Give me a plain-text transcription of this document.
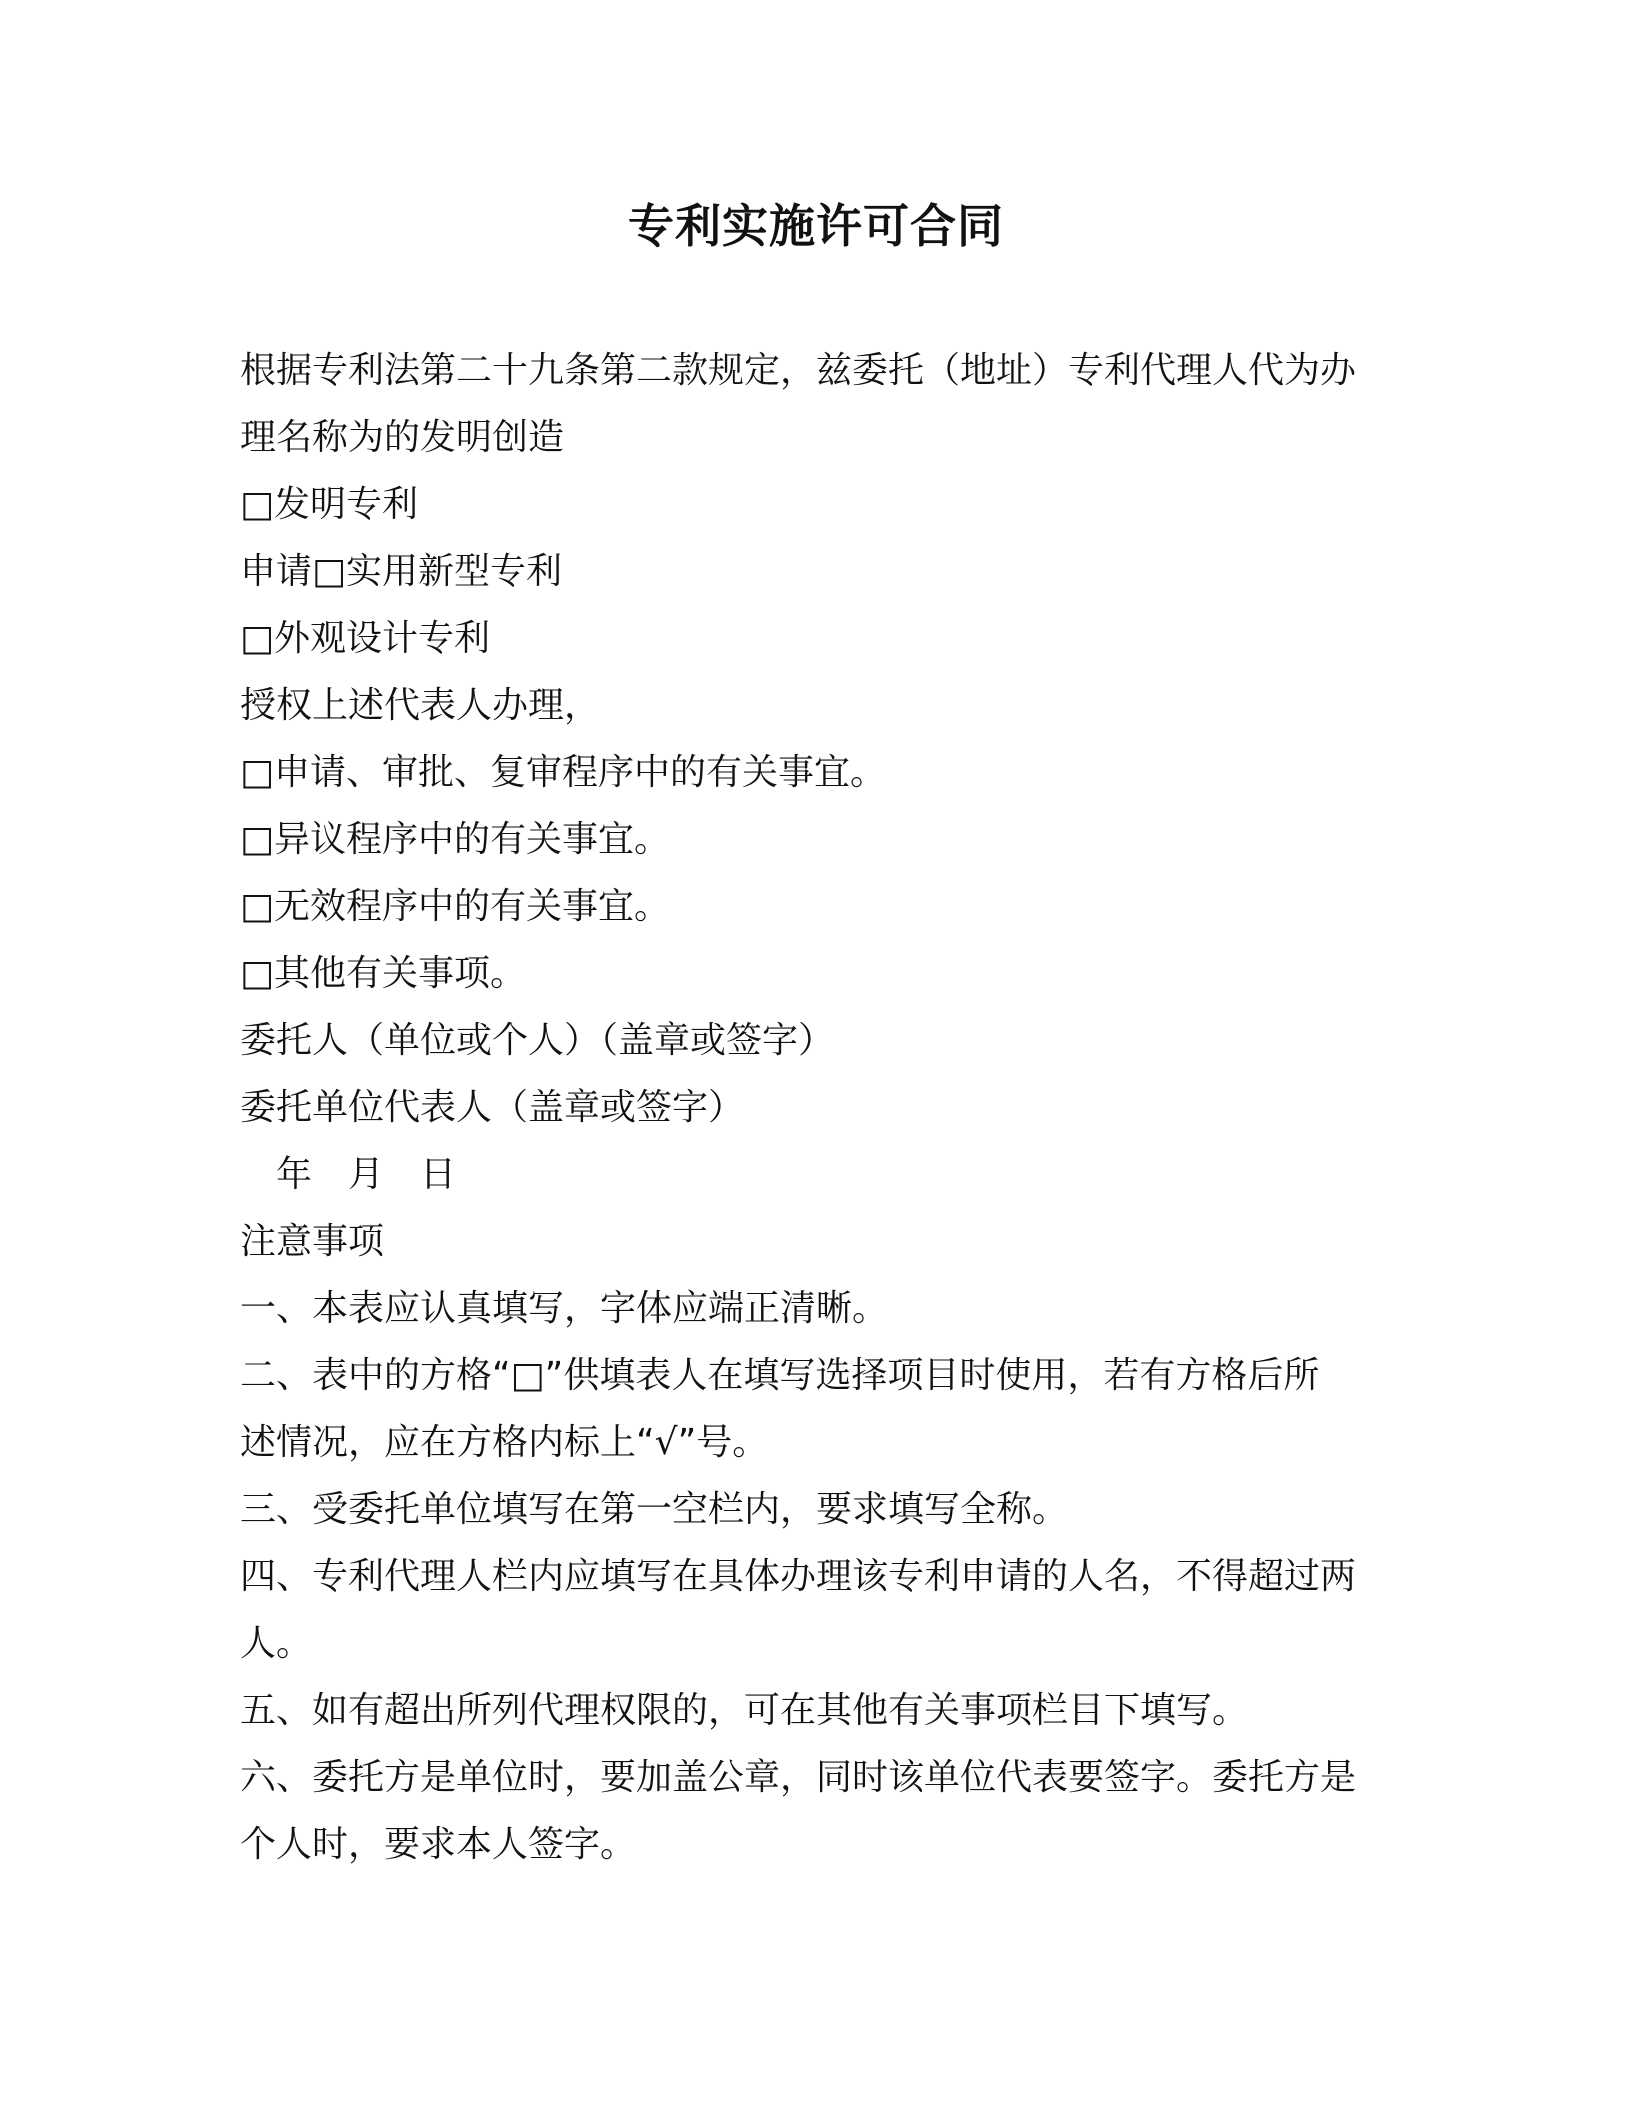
专利实施许可合同
根据专利法第二十九条第二款规定，兹委托（地址）专利代理人代为办
理名称为的发明创造
□发明专利
申请□实用新型专利
□外观设计专利
授权上述代表人办理，
□申请、审批、复审程序中的有关事宜。
□异议程序中的有关事宜。
□无效程序中的有关事宜。
□其他有关事项。
委托人（单位或个人）（盖章或签字）
委托单位代表人（盖章或签字）
年　月　日
注意事项
一、本表应认真填写，字体应端正清晰。
二、表中的方格“□”供填表人在填写选择项目时使用，若有方格后所
述情况，应在方格内标上“√”号。
三、受委托单位填写在第一空栏内，要求填写全称。
四、专利代理人栏内应填写在具体办理该专利申请的人名，不得超过两
人。
五、如有超出所列代理权限的，可在其他有关事项栏目下填写。
六、委托方是单位时，要加盖公章，同时该单位代表要签字。委托方是
个人时，要求本人签字。
